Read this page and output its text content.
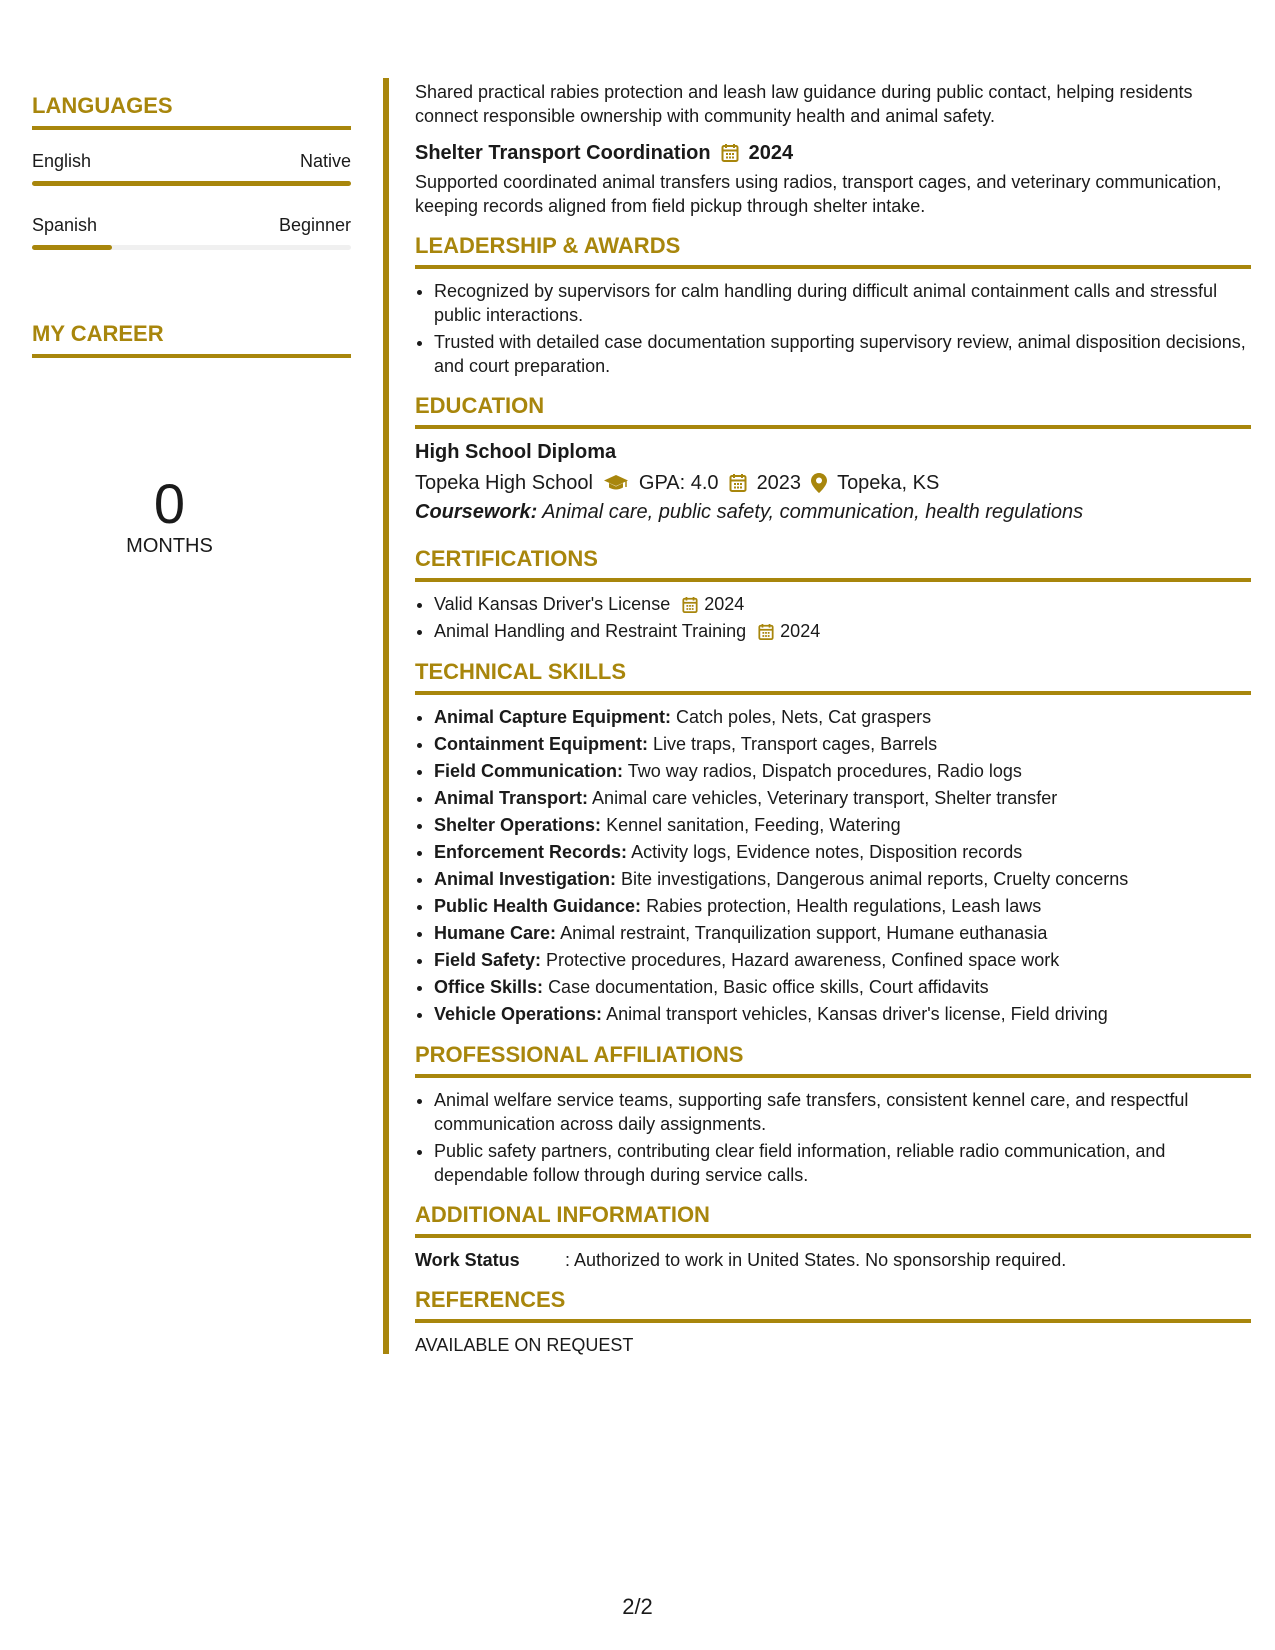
LANGUAGES
English	Native
Spanish	Beginner
MY CAREER
0
MONTHS

Shared practical rabies protection and leash law guidance during public contact, helping residents connect responsible ownership with community health and animal safety.

Shelter Transport Coordination 2024

Supported coordinated animal transfers using radios, transport cages, and veterinary communication, keeping records aligned from field pickup through shelter intake.

LEADERSHIP & AWARDS
• Recognized by supervisors for calm handling during difficult animal containment calls and stressful public interactions.
• Trusted with detailed case documentation supporting supervisory review, animal disposition decisions, and court preparation.
EDUCATION
High School Diploma
Topeka High School GPA: 4.0 2023 Topeka, KS
Coursework: Animal care, public safety, communication, health regulations
CERTIFICATIONS
• Valid Kansas Driver's License 2024
• Animal Handling and Restraint Training 2024
TECHNICAL SKILLS
• Animal Capture Equipment: Catch poles, Nets, Cat graspers
• Containment Equipment: Live traps, Transport cages, Barrels
• Field Communication: Two way radios, Dispatch procedures, Radio logs
• Animal Transport: Animal care vehicles, Veterinary transport, Shelter transfer
• Shelter Operations: Kennel sanitation, Feeding, Watering
• Enforcement Records: Activity logs, Evidence notes, Disposition records
• Animal Investigation: Bite investigations, Dangerous animal reports, Cruelty concerns
• Public Health Guidance: Rabies protection, Health regulations, Leash laws
• Humane Care: Animal restraint, Tranquilization support, Humane euthanasia
• Field Safety: Protective procedures, Hazard awareness, Confined space work
• Office Skills: Case documentation, Basic office skills, Court affidavits
• Vehicle Operations: Animal transport vehicles, Kansas driver's license, Field driving
PROFESSIONAL AFFILIATIONS
• Animal welfare service teams, supporting safe transfers, consistent kennel care, and respectful communication across daily assignments.
• Public safety partners, contributing clear field information, reliable radio communication, and dependable follow through during service calls.
ADDITIONAL INFORMATION
Work Status	: Authorized to work in United States. No sponsorship required.
REFERENCES

AVAILABLE ON REQUEST

2/2
